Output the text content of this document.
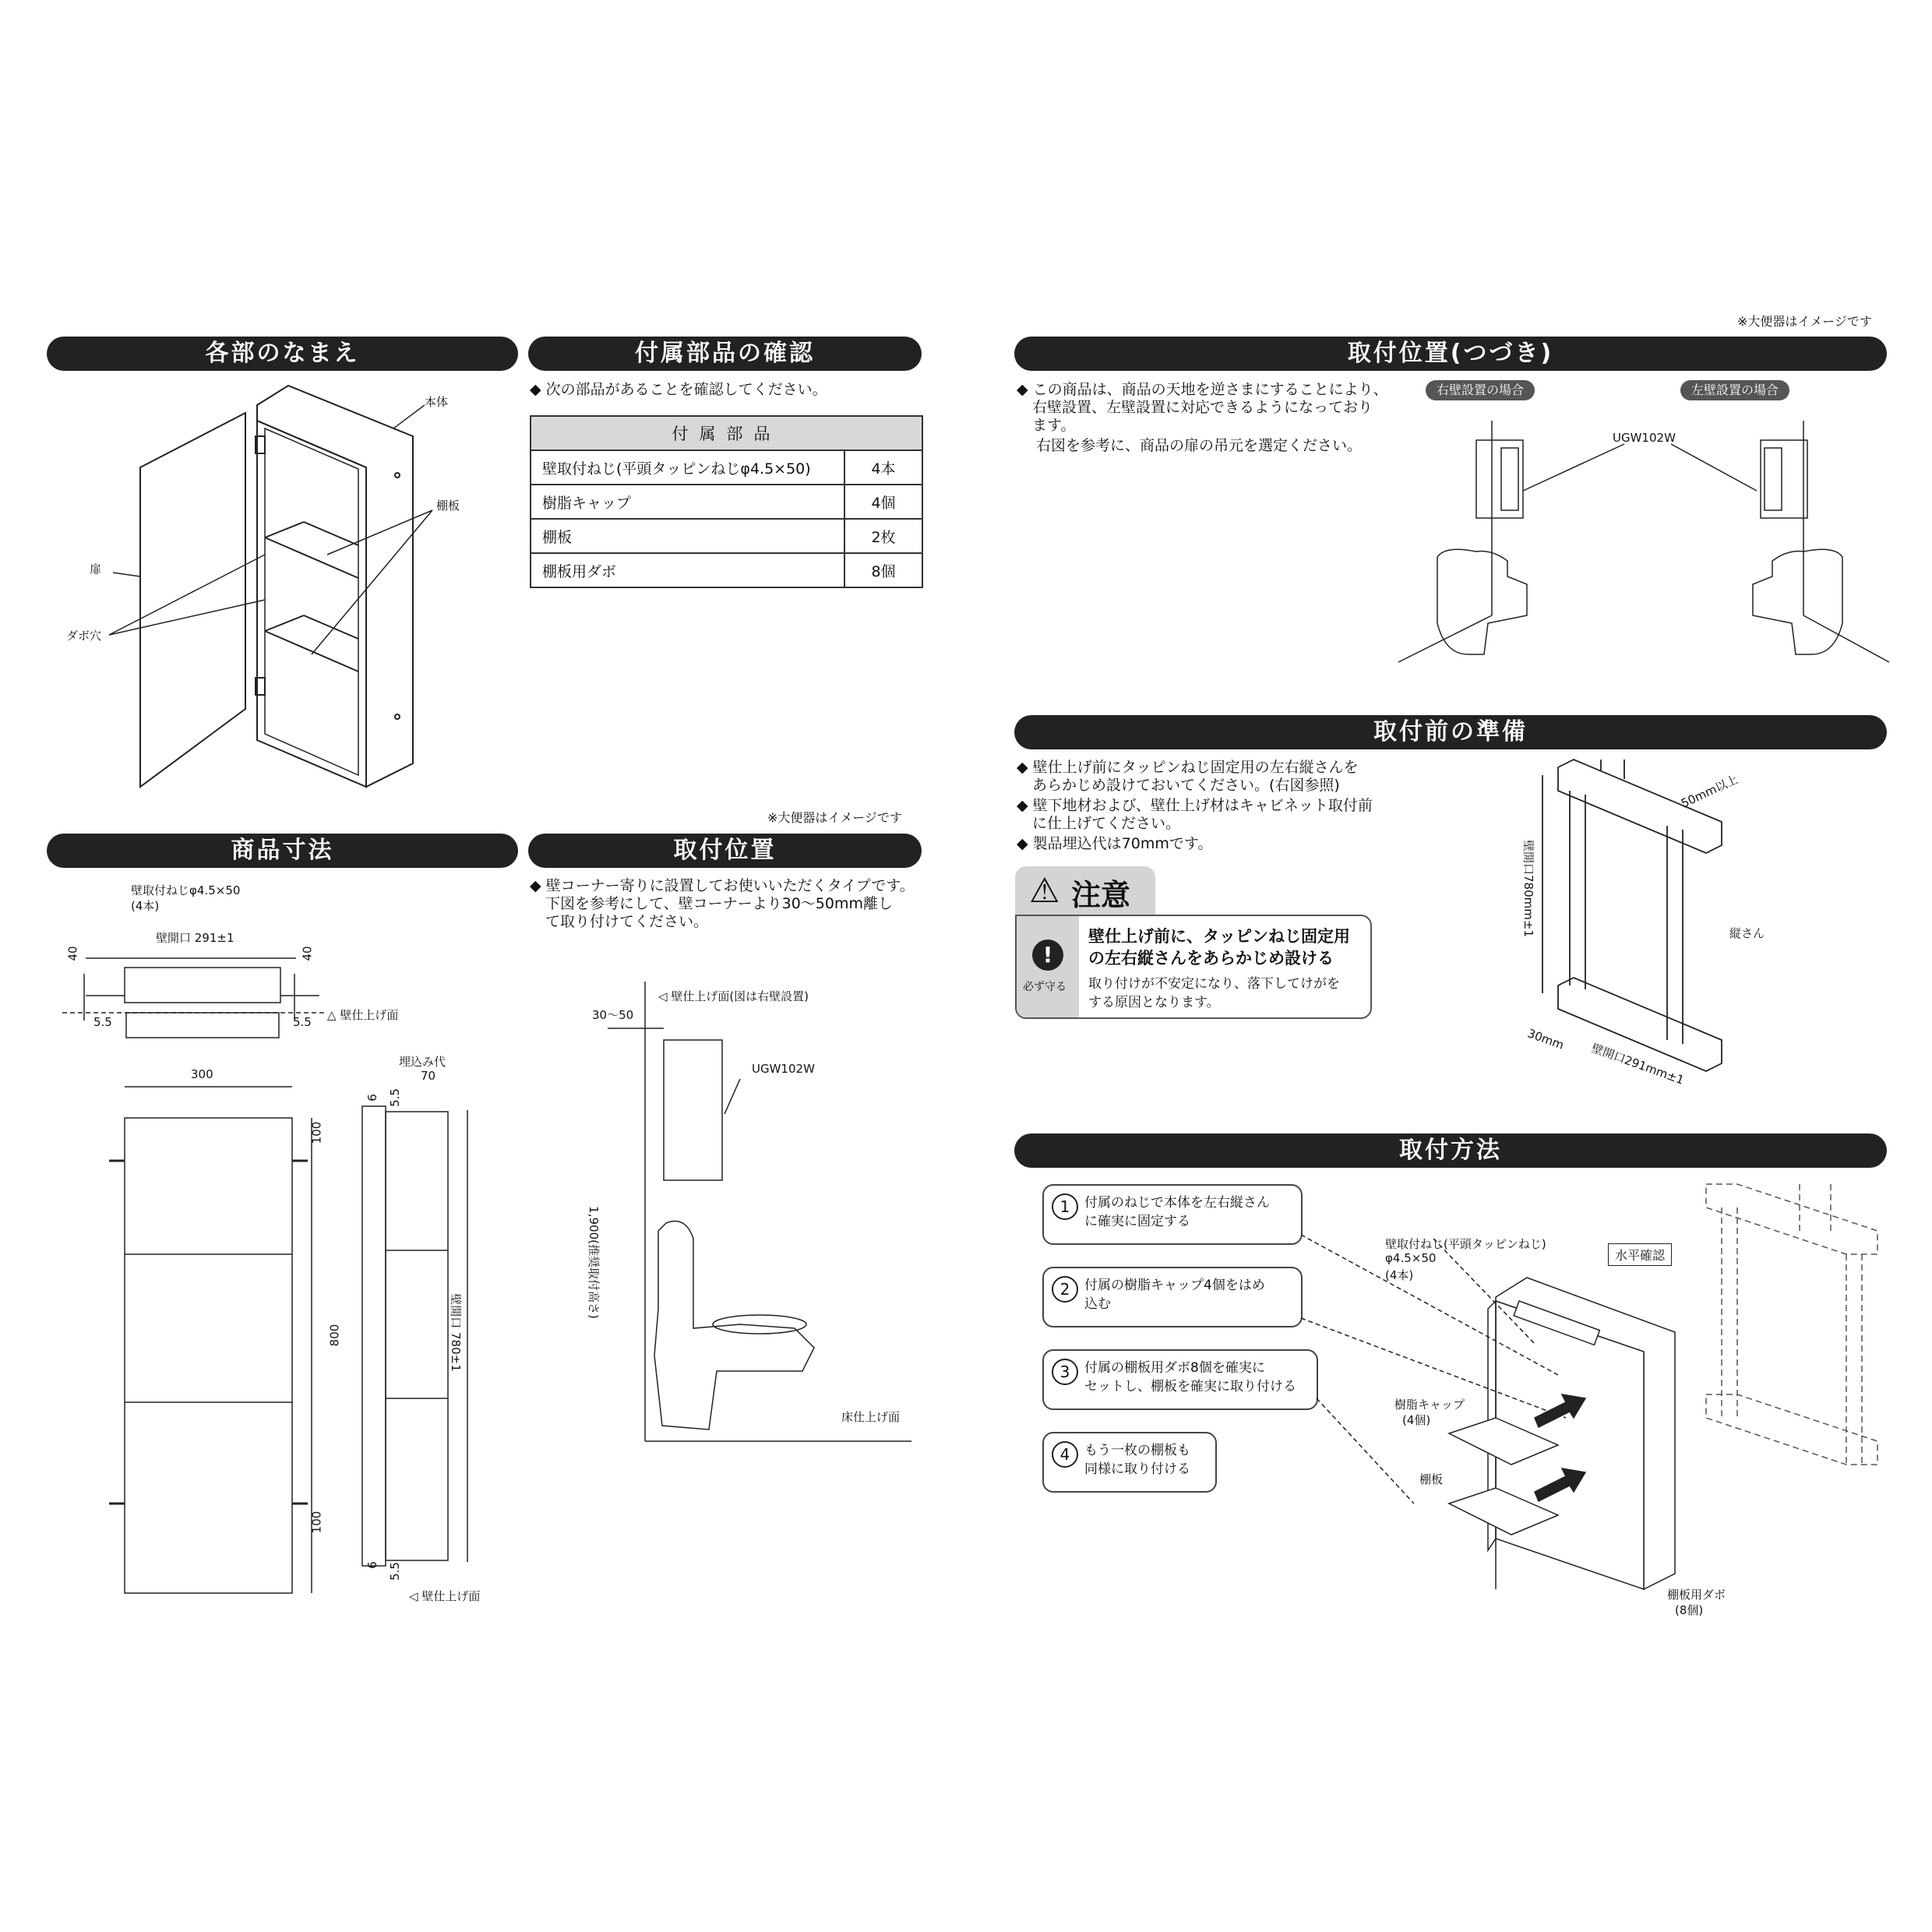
※大便器はイメージです
各部のなまえ
本体
棚板
扉
ダボ穴
付属部品の確認
◆ 次の部品があることを確認してください。
付属部品	
壁取付ねじ(平頭タッピンねじφ4.5×50)	4本
樹脂キャップ	4個
棚板	2枚
棚板用ダボ	8個
※大便器はイメージです
商品寸法
壁取付ねじφ4.5×50
(4本)
壁開口 291±1
40	40
5.5	5.5 △ 壁仕上げ面
300
100
800
100
埋込み代
70
6 5.5
壁開口 780±1
6 5.5
◁ 壁仕上げ面
取付位置
◆ 壁コーナー寄りに設置してお使いいただくタイプです。
下図を参考にして、壁コーナーより30〜50mm離し
て取り付けてください。
◁ 壁仕上げ面(図は右壁設置)
30〜50
UGW102W
1,900(推奨取付高さ)
床仕上げ面
取付位置(つづき)
◆ この商品は、商品の天地を逆さまにすることにより、
右壁設置、左壁設置に対応できるようになっており
ます。
右図を参考に、商品の扉の吊元を選定ください。
右壁設置の場合	左壁設置の場合
UGW102W
取付前の準備
◆ 壁仕上げ前にタッピンねじ固定用の左右縦さんを
あらかじめ設けておいてください。(右図参照)
◆ 壁下地材および、壁仕上げ材はキャビネット取付前
に仕上げてください。
◆ 製品埋込代は70mmです。
⚠ 注意
!
必ず守る
壁仕上げ前に、タッピンねじ固定用
の左右縦さんをあらかじめ設ける
取り付けが不安定になり、落下してけがを
する原因となります。
50mm以上
壁開口780mm±1	縦さん
30mm
壁開口291mm±1
取付方法
1	付属のねじで本体を左右縦さん
に確実に固定する
2	付属の樹脂キャップ4個をはめ
込む
3	付属の棚板用ダボ8個を確実に
セットし、棚板を確実に取り付ける
4	もう一枚の棚板も
同様に取り付ける
壁取付ねじ(平頭タッピンねじ)
φ4.5×50
(4本)
水平確認
樹脂キャップ
(4個)
棚板
棚板用ダボ
(8個)
